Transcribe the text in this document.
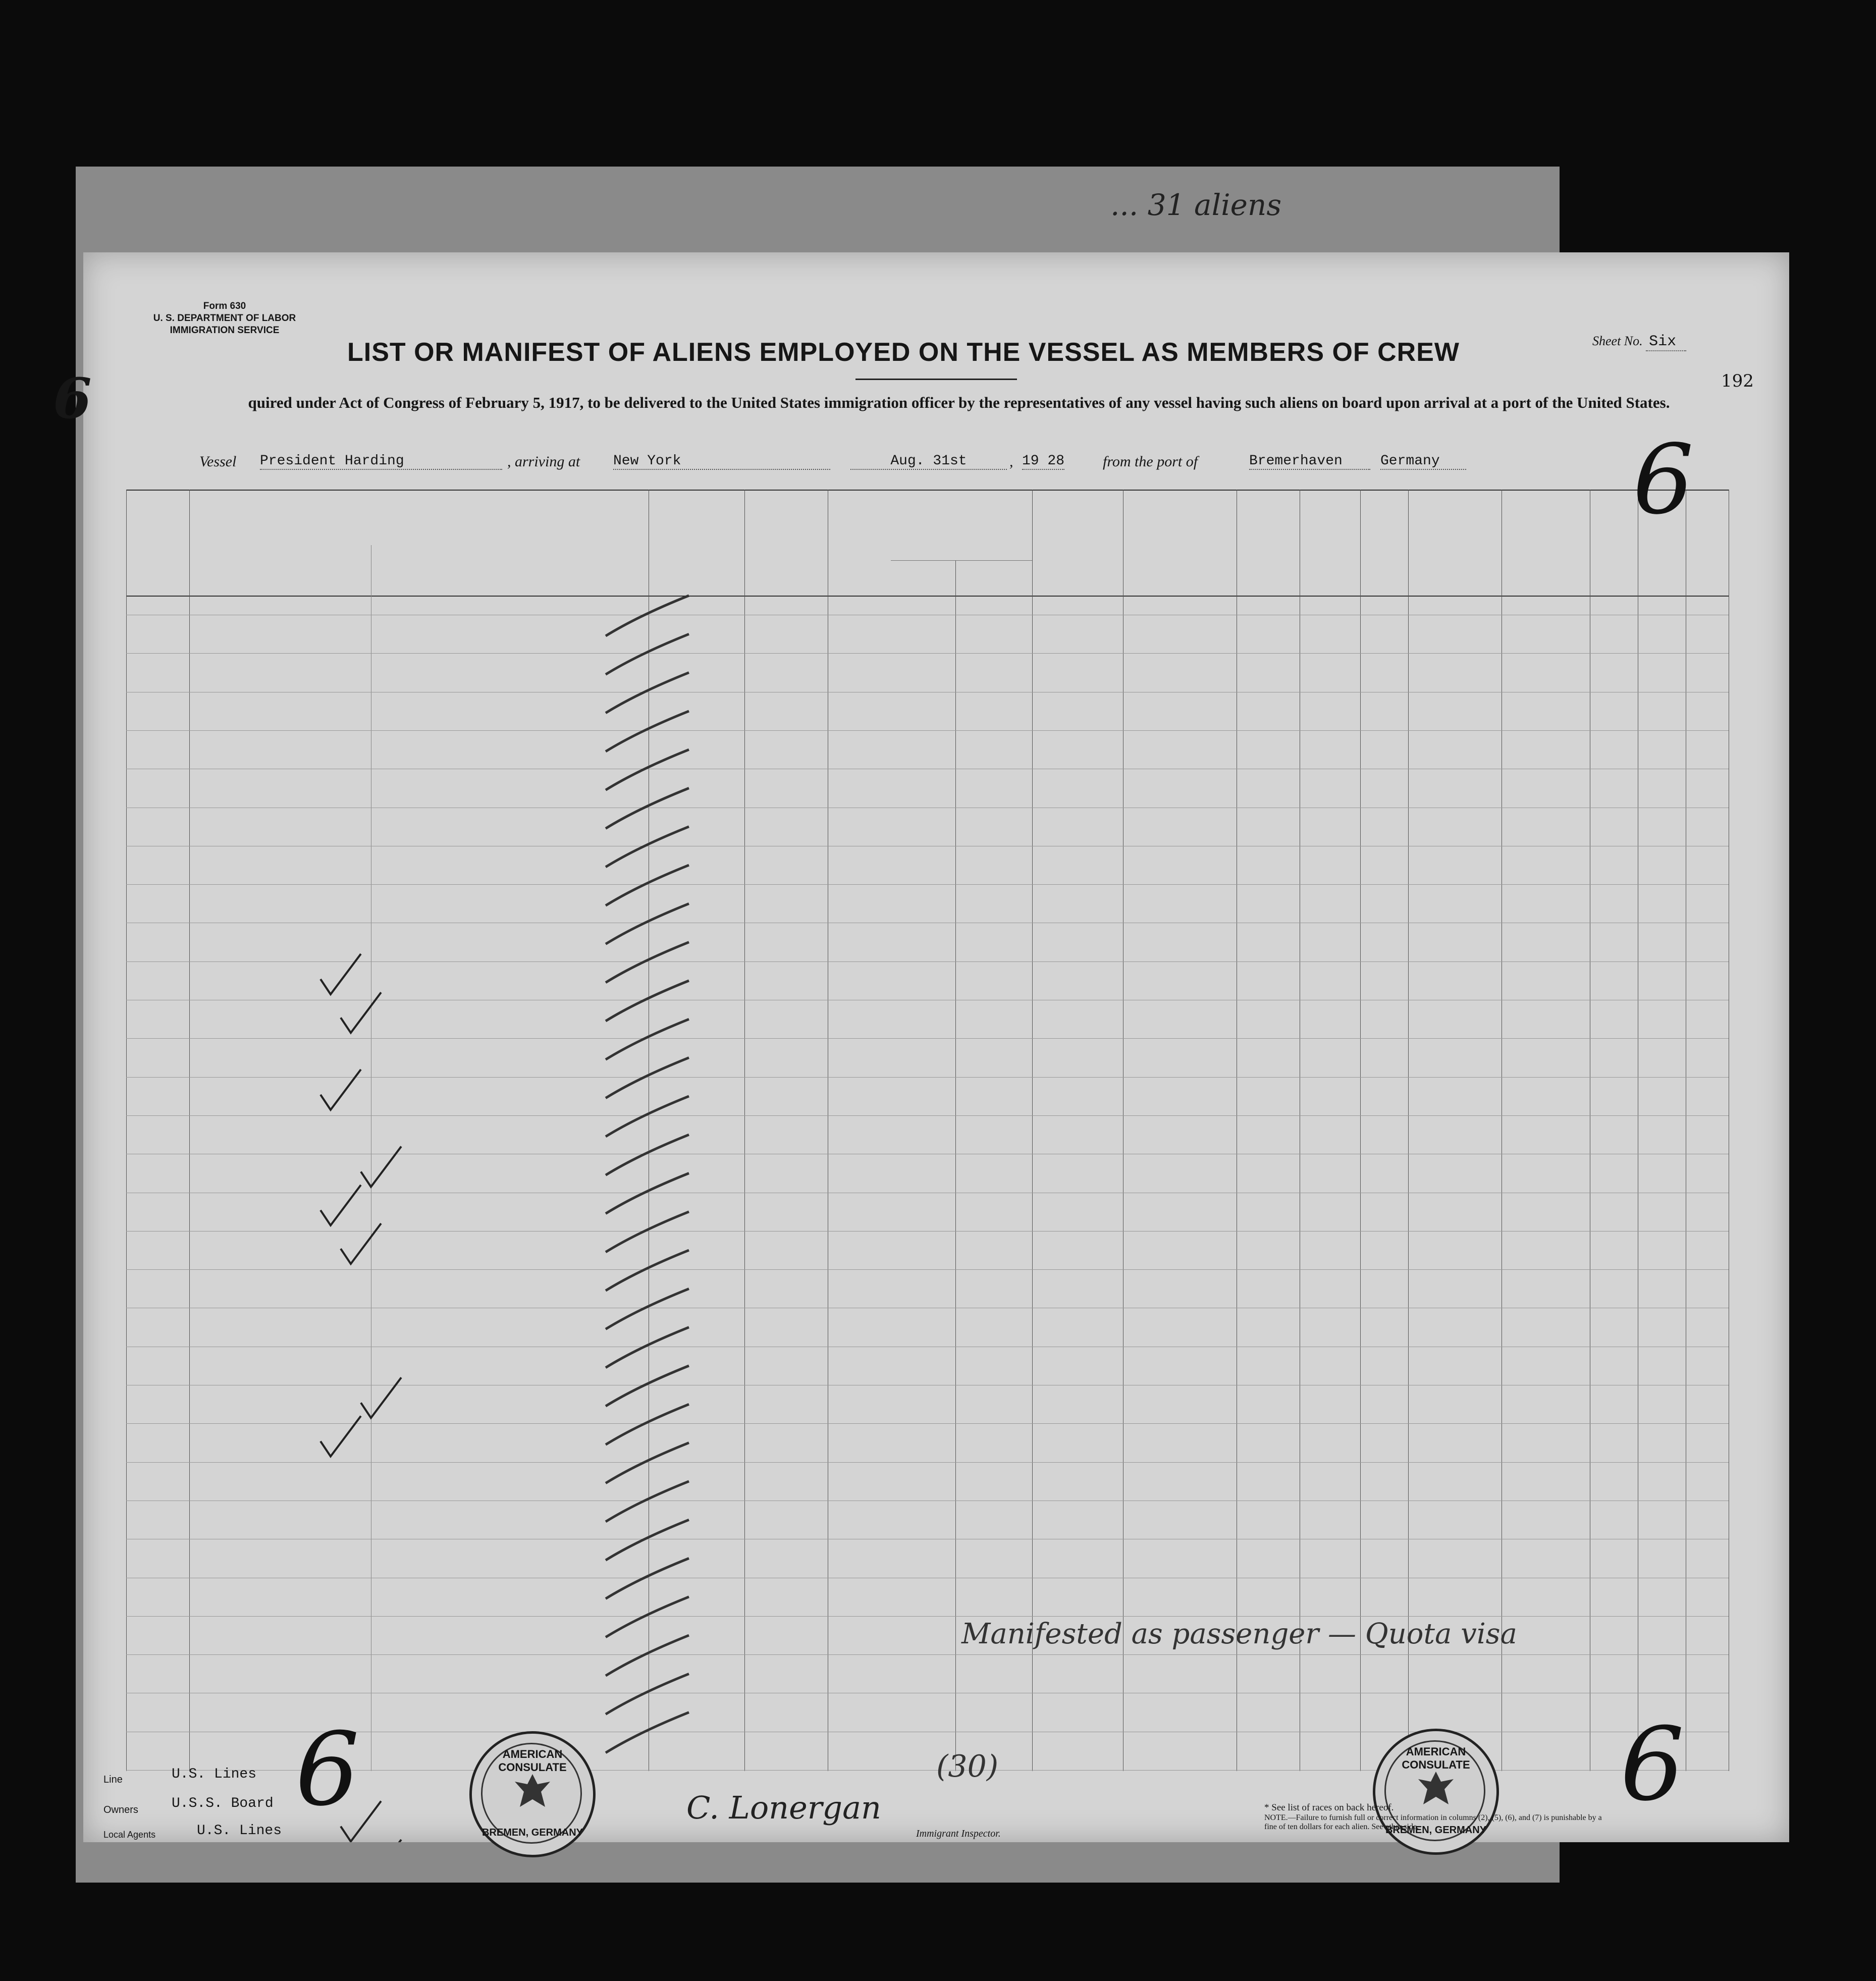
... 31 aliens
Form 630
U. S. DEPARTMENT OF LABOR
IMMIGRATION SERVICE
LIST OR MANIFEST OF ALIENS EMPLOYED ON THE VESSEL AS MEMBERS OF CREW	Sheet No. Six
192
quired under Act of Congress of February 5, 1917, to be delivered to the United States immigration officer by the representatives of any vessel having such aliens on board upon arrival at a port of the United States.
Vessel President Harding	, arriving at New York	Aug. 31st	, 19 28	from the port of	Bremerhaven	Germany
6
6
Manifested as passenger — Quota visa
AMERICAN CONSULATE
BREMEN, GERMANY
AMERICAN CONSULATE
BREMEN, GERMANY
(30)
6	6
Line	U.S. Lines
Owners U.S.S. Board
Local Agents	U.S. Lines
C. Lonergan
Immigrant Inspector.
* See list of races on back hereof.
NOTE.—Failure to furnish full or correct information in columns (2), (5), (6), and (7) is punishable by a fine of ten dollars for each alien. See other side.
